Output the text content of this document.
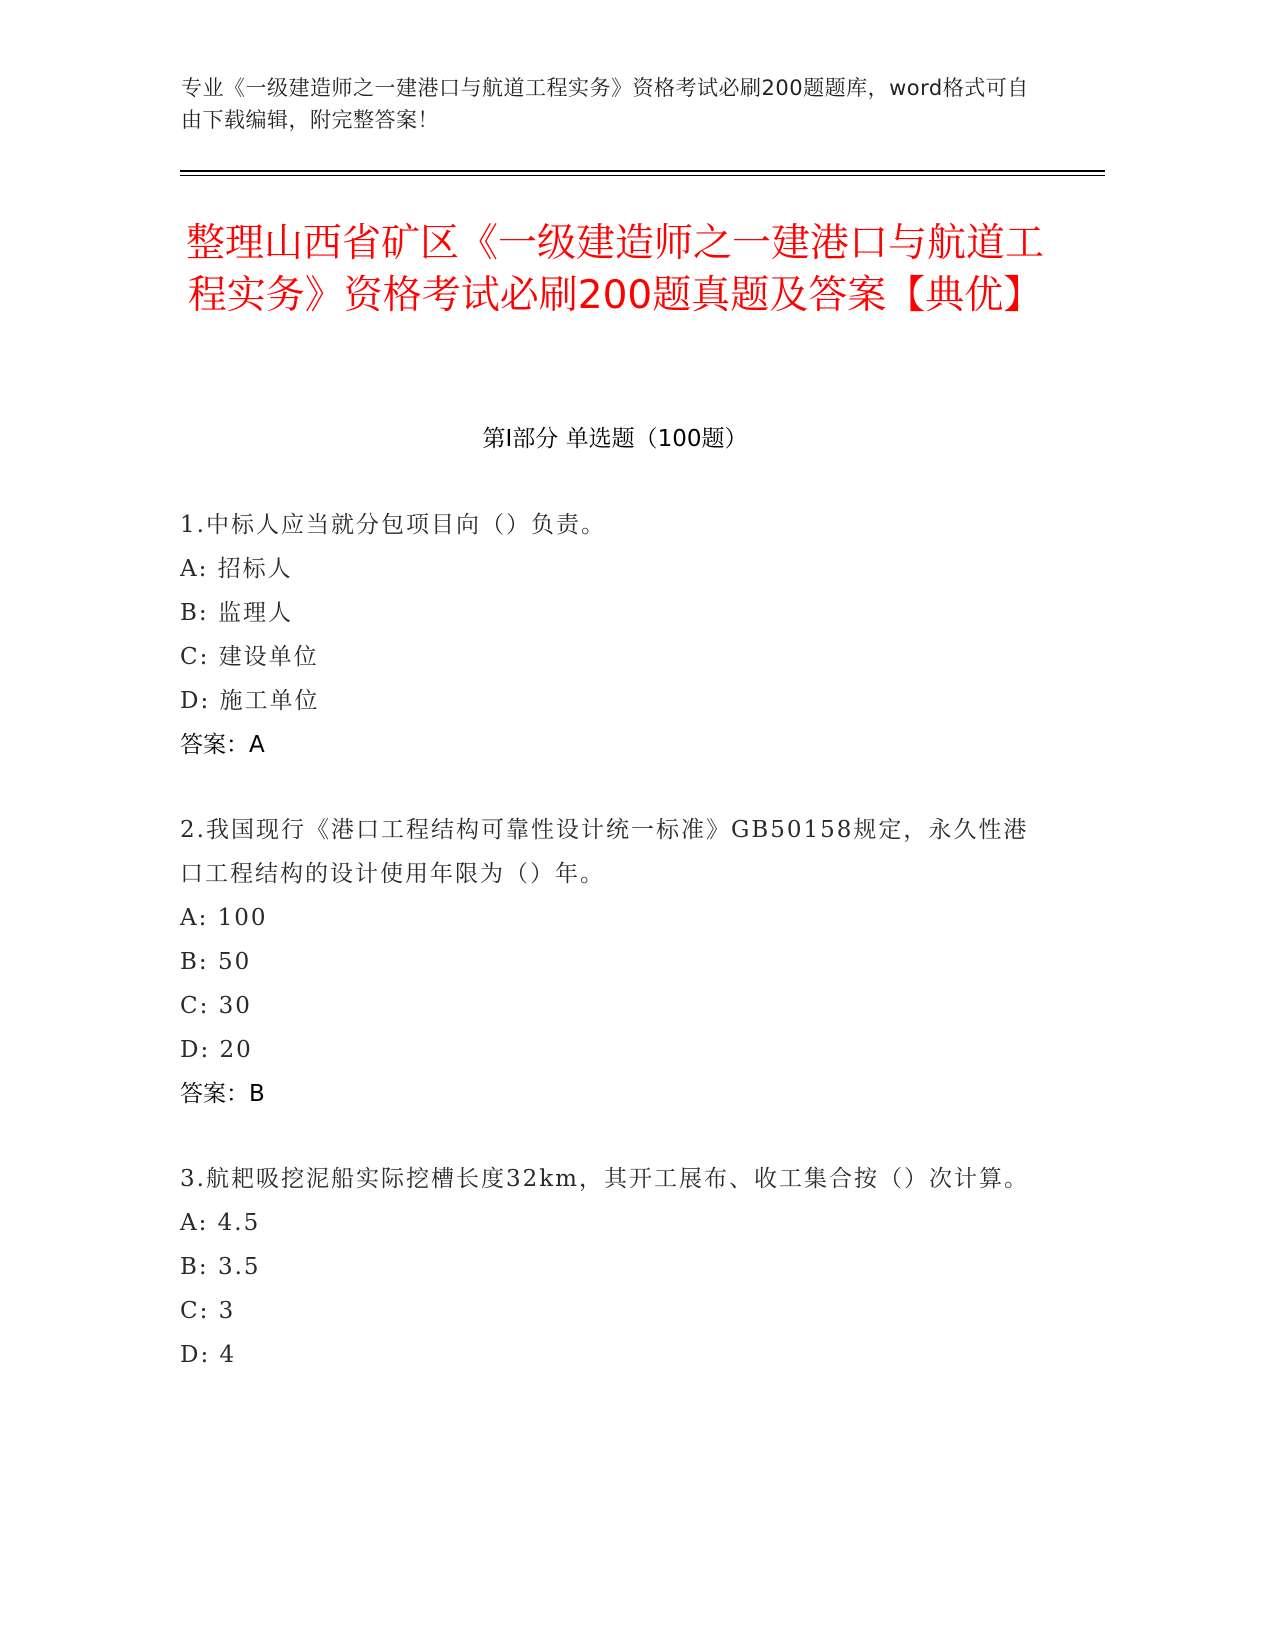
专业《一级建造师之一建港口与航道工程实务》资格考试必刷200题题库，word格式可自由下载编辑，附完整答案！
整理山西省矿区《一级建造师之一建港口与航道工程实务》资格考试必刷200题真题及答案【典优】
第I部分 单选题（100题）
1.中标人应当就分包项目向（）负责。
A: 招标人
B: 监理人
C: 建设单位
D: 施工单位
答案：A
2.我国现行《港口工程结构可靠性设计统一标准》GB50158规定，永久性港口工程结构的设计使用年限为（）年。
A: 100
B: 50
C: 30
D: 20
答案：B
3.航耙吸挖泥船实际挖槽长度32km，其开工展布、收工集合按（）次计算。
A: 4.5
B: 3.5
C: 3
D: 4
